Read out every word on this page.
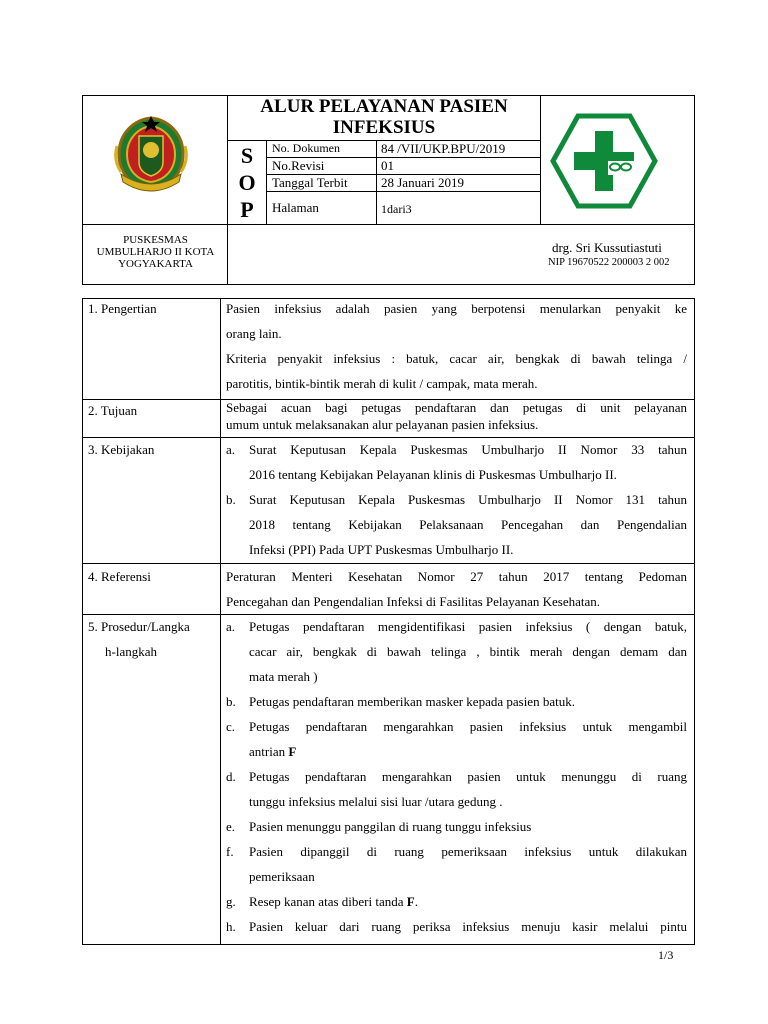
ALUR PELAYANAN PASIEN
INFEKSIUS
S
O
P
No. Dokumen	84 /VII/UKP.BPU/2019
No.Revisi	01
Tanggal Terbit	28 Januari 2019
Halaman	1dari3
PUSKESMAS
UMBULHARJO II KOTA
YOGYAKARTA
drg. Sri Kussutiastuti
NIP 19670522 200003 2 002
1. Pengertian	Pasien infeksius adalah pasien yang berpotensi menularkan penyakit ke
orang lain.
Kriteria penyakit infeksius : batuk, cacar air, bengkak di bawah telinga /
parotitis, bintik-bintik merah di kulit / campak, mata merah.
2. Tujuan	Sebagai acuan bagi petugas pendaftaran dan petugas di unit pelayanan
umum untuk melaksanakan alur pelayanan pasien infeksius.
3. Kebijakan	a. Surat Keputusan Kepala Puskesmas Umbulharjo II Nomor 33 tahun
2016 tentang Kebijakan Pelayanan klinis di Puskesmas Umbulharjo II.
b. Surat Keputusan Kepala Puskesmas Umbulharjo II Nomor 131 tahun
2018 tentang Kebijakan Pelaksanaan Pencegahan dan Pengendalian
Infeksi (PPI) Pada UPT Puskesmas Umbulharjo II.
4. Referensi	Peraturan Menteri Kesehatan Nomor 27 tahun 2017 tentang Pedoman
Pencegahan dan Pengendalian Infeksi di Fasilitas Pelayanan Kesehatan.
5. Prosedur/Langka
h-langkah
a. Petugas pendaftaran mengidentifikasi pasien infeksius ( dengan batuk,
cacar air, bengkak di bawah telinga , bintik merah dengan demam dan
mata merah )
b. Petugas pendaftaran memberikan masker kepada pasien batuk.
c. Petugas pendaftaran mengarahkan pasien infeksius untuk mengambil
antrian F
d. Petugas pendaftaran mengarahkan pasien untuk menunggu di ruang
tunggu infeksius melalui sisi luar /utara gedung .
e. Pasien menunggu panggilan di ruang tunggu infeksius
f. Pasien dipanggil di ruang pemeriksaan infeksius untuk dilakukan
pemeriksaan
g. Resep kanan atas diberi tanda F.
h. Pasien keluar dari ruang periksa infeksius menuju kasir melalui pintu
1/3
